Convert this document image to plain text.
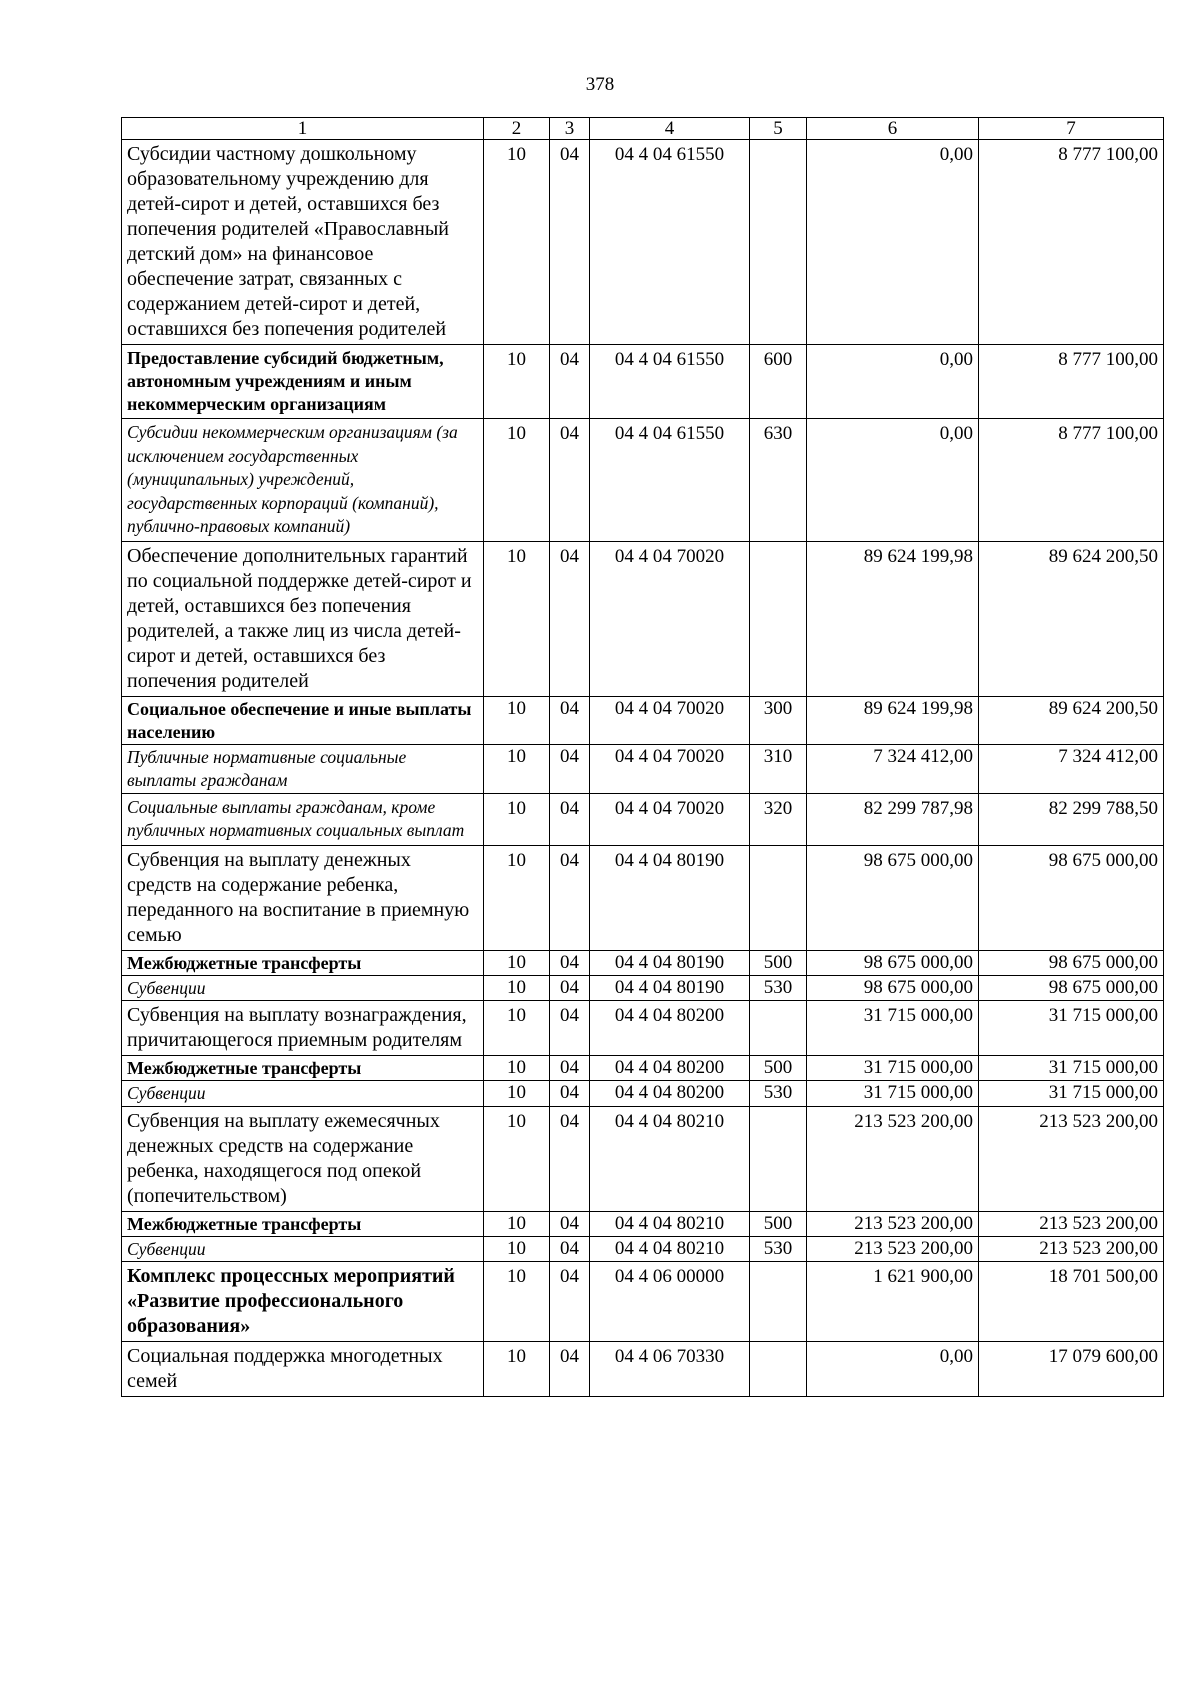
378
1	2	3	4	5	6	7
Субсидии частному дошкольному образовательному учреждению для детей-сирот и детей, оставшихся без попечения родителей «Православный детский дом» на финансовое обеспечение затрат, связанных с содержанием детей-сирот и детей, оставшихся без попечения родителей	10	04	04 4 04 61550		0,00	8 777 100,00
Предоставление субсидий бюджетным, автономным учреждениям и иным некоммерческим организациям	10	04	04 4 04 61550	600	0,00	8 777 100,00
Субсидии некоммерческим организациям (за исключением государственных (муниципальных) учреждений, государственных корпораций (компаний), публично-правовых компаний)	10	04	04 4 04 61550	630	0,00	8 777 100,00
Обеспечение дополнительных гарантий по социальной поддержке детей-сирот и детей, оставшихся без попечения родителей, а также лиц из числа детей-сирот и детей, оставшихся без попечения родителей	10	04	04 4 04 70020		89 624 199,98	89 624 200,50
Социальное обеспечение и иные выплаты населению	10	04	04 4 04 70020	300	89 624 199,98	89 624 200,50
Публичные нормативные социальные выплаты гражданам	10	04	04 4 04 70020	310	7 324 412,00	7 324 412,00
Социальные выплаты гражданам, кроме публичных нормативных социальных выплат	10	04	04 4 04 70020	320	82 299 787,98	82 299 788,50
Субвенция на выплату денежных средств на содержание ребенка, переданного на воспитание в приемную семью	10	04	04 4 04 80190		98 675 000,00	98 675 000,00
Межбюджетные трансферты	10	04	04 4 04 80190	500	98 675 000,00	98 675 000,00
Субвенции	10	04	04 4 04 80190	530	98 675 000,00	98 675 000,00
Субвенция на выплату вознаграждения, причитающегося приемным родителям	10	04	04 4 04 80200		31 715 000,00	31 715 000,00
Межбюджетные трансферты	10	04	04 4 04 80200	500	31 715 000,00	31 715 000,00
Субвенции	10	04	04 4 04 80200	530	31 715 000,00	31 715 000,00
Субвенция на выплату ежемесячных денежных средств на содержание ребенка, находящегося под опекой (попечительством)	10	04	04 4 04 80210		213 523 200,00	213 523 200,00
Межбюджетные трансферты	10	04	04 4 04 80210	500	213 523 200,00	213 523 200,00
Субвенции	10	04	04 4 04 80210	530	213 523 200,00	213 523 200,00
Комплекс процессных мероприятий «Развитие профессионального образования»	10	04	04 4 06 00000		1 621 900,00	18 701 500,00
Социальная поддержка многодетных семей	10	04	04 4 06 70330		0,00	17 079 600,00
